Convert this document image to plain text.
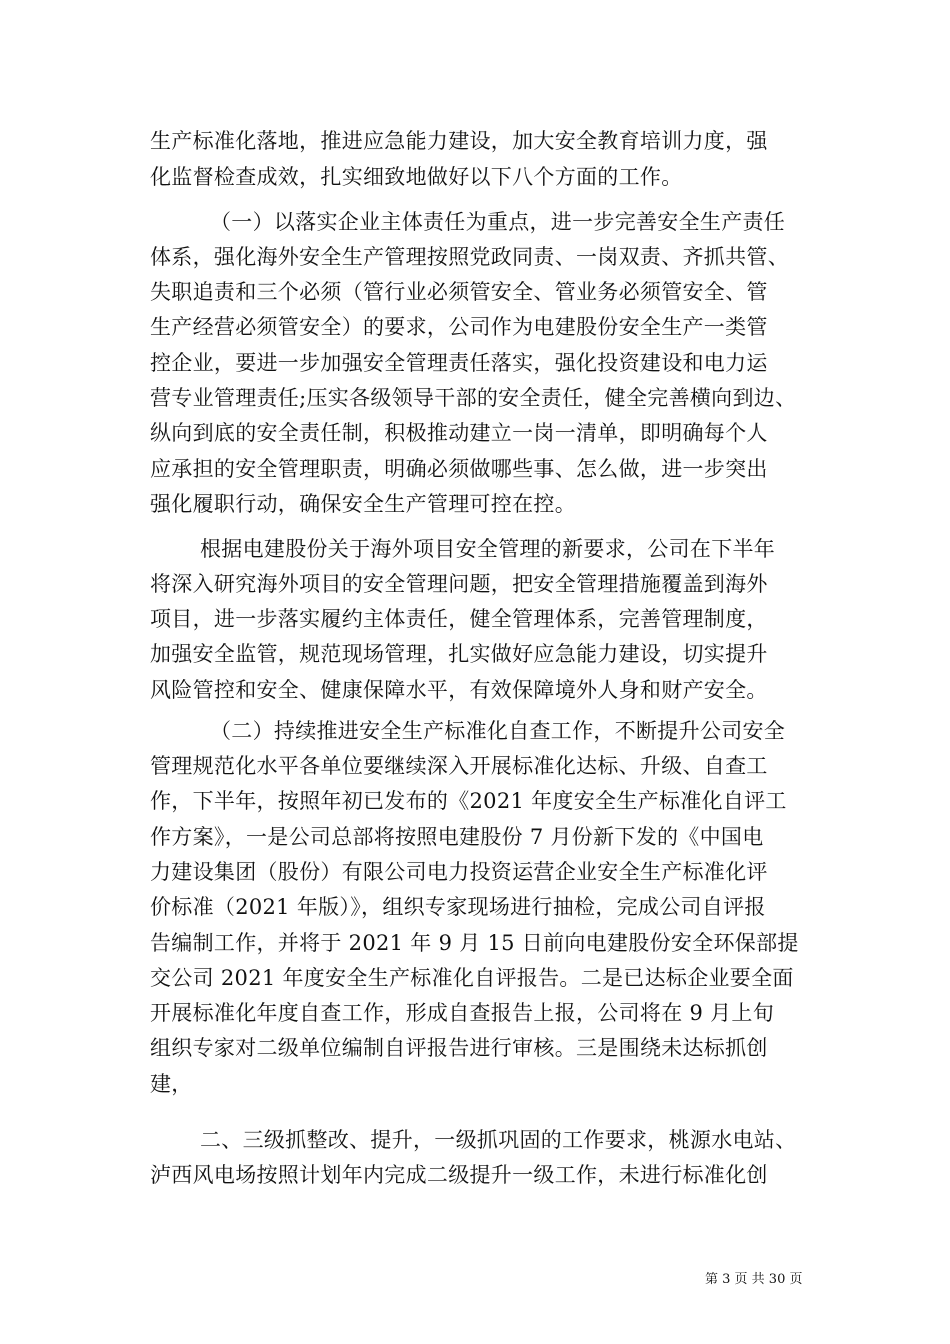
生产标准化落地，推进应急能力建设，加大安全教育培训力度，强
化监督检查成效，扎实细致地做好以下八个方面的工作。
（一）以落实企业主体责任为重点，进一步完善安全生产责任
体系，强化海外安全生产管理按照党政同责、一岗双责、齐抓共管、
失职追责和三个必须（管行业必须管安全、管业务必须管安全、管
生产经营必须管安全）的要求，公司作为电建股份安全生产一类管
控企业，要进一步加强安全管理责任落实，强化投资建设和电力运
营专业管理责任;压实各级领导干部的安全责任，健全完善横向到边、
纵向到底的安全责任制，积极推动建立一岗一清单，即明确每个人
应承担的安全管理职责，明确必须做哪些事、怎么做，进一步突出
强化履职行动，确保安全生产管理可控在控。
根据电建股份关于海外项目安全管理的新要求，公司在下半年
将深入研究海外项目的安全管理问题，把安全管理措施覆盖到海外
项目，进一步落实履约主体责任，健全管理体系，完善管理制度，
加强安全监管，规范现场管理，扎实做好应急能力建设，切实提升
风险管控和安全、健康保障水平，有效保障境外人身和财产安全。
（二）持续推进安全生产标准化自查工作，不断提升公司安全
管理规范化水平各单位要继续深入开展标准化达标、升级、自查工
作，下半年，按照年初已发布的《2021 年度安全生产标准化自评工
作方案》，一是公司总部将按照电建股份 7 月份新下发的《中国电
力建设集团（股份）有限公司电力投资运营企业安全生产标准化评
价标准（2021 年版）》，组织专家现场进行抽检，完成公司自评报
告编制工作，并将于 2021 年 9 月 15 日前向电建股份安全环保部提
交公司 2021 年度安全生产标准化自评报告。二是已达标企业要全面
开展标准化年度自查工作，形成自查报告上报，公司将在 9 月上旬
组织专家对二级单位编制自评报告进行审核。三是围绕未达标抓创
建，
二、三级抓整改、提升，一级抓巩固的工作要求，桃源水电站、
泸西风电场按照计划年内完成二级提升一级工作，未进行标准化创
第 3 页 共 30 页
